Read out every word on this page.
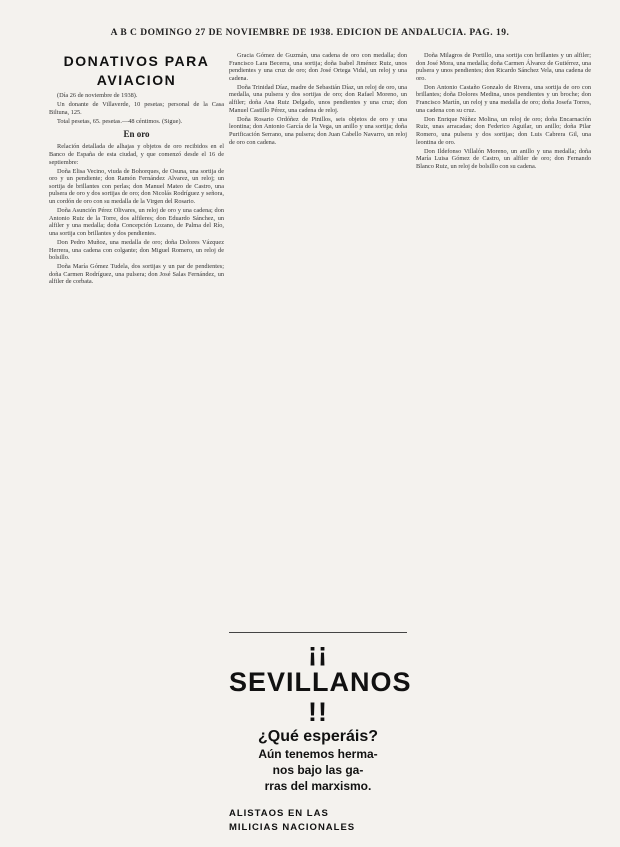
A B C DOMINGO 27 DE NOVIEMBRE DE 1938. EDICION DE ANDALUCIA. PAG. 19.
DONATIVOS PARA
AVIACION

(Día 26 de noviembre de 1938).

Un donante de Villaverde, 10 pesetas; personal de la Casa Biltuna, 125.

Total pesetas, 65. pesetas.—48 céntimos. (Sigue).

En oro

Relación detallada de alhajas y objetos de oro recibidos en el Banco de España de esta ciudad, y que comenzó desde el 16 de septiembre:

Doña Elisa Vecino, viuda de Bohorques, de Osuna, una sortija de oro y un pendiente; don Ramón Fernández Alvarez, un reloj; un sortija de brillantes con perlas; don Manuel Mateo de Castro, una pulsera de oro y dos sortijas de oro; don Nicolás Rodríguez y señora, un cordón de oro con su medalla de la Virgen del Rosario.

Doña Asunción Pérez Olivares, un reloj de oro y una cadena; don Antonio Ruiz de la Torre, dos alfileres; don Eduardo Sánchez, un alfiler y una medalla; doña Concepción Lozano, de Palma del Río, una sortija con brillantes y dos pendientes.

Don Pedro Muñoz, una medalla de oro; doña Dolores Vázquez Herrera, una cadena con colgante; don Miguel Romero, un reloj de bolsillo.

Doña María Gómez Tudela, dos sortijas y un par de pendientes; doña Carmen Rodríguez, una pulsera; don José Salas Fernández, un alfiler de corbata.

Gracia Gómez de Guzmán, una cadena de oro con medalla; don Francisco Lara Becerra, una sortija; doña Isabel Jiménez Ruiz, unos pendientes y una cruz de oro; don José Ortega Vidal, un reloj y una cadena.

Doña Trinidad Díaz, madre de Sebastián Díaz, un reloj de oro, una medalla, una pulsera y dos sortijas de oro; don Rafael Moreno, un alfiler; doña Ana Ruiz Delgado, unos pendientes y una cruz; don Manuel Castillo Pérez, una cadena de reloj.

Doña Rosario Ordóñez de Pinillos, seis objetos de oro y una leontina; don Antonio García de la Vega, un anillo y una sortija; doña Purificación Serrano, una pulsera; don Juan Cabello Navarro, un reloj de oro con cadena.

¡¡ SEVILLANOS !!
¿Qué esperáis?
Aún tenemos herma-
nos bajo las ga-
rras del marxismo.
ALISTAOS EN LAS
MILICIAS NACIONALES

Doña Milagros de Portillo, una sortija con brillantes y un alfiler; don José Mora, una medalla; doña Carmen Álvarez de Gutiérrez, una pulsera y unos pendientes; don Ricardo Sánchez Vela, una cadena de oro.

Don Antonio Castaño Gonzalo de Rivera, una sortija de oro con brillantes; doña Dolores Medina, unos pendientes y un broche; don Francisco Martín, un reloj y una medalla de oro; doña Josefa Torres, una cadena con su cruz.

Don Enrique Núñez Molina, un reloj de oro; doña Encarnación Ruiz, unas arracadas; don Federico Aguilar, un anillo; doña Pilar Romero, una pulsera y dos sortijas; don Luis Cabrera Gil, una leontina de oro.

Don Ildefonso Villalón Moreno, un anillo y una medalla; doña María Luisa Gómez de Castro, un alfiler de oro; don Fernando Blanco Ruiz, un reloj de bolsillo con su cadena.
